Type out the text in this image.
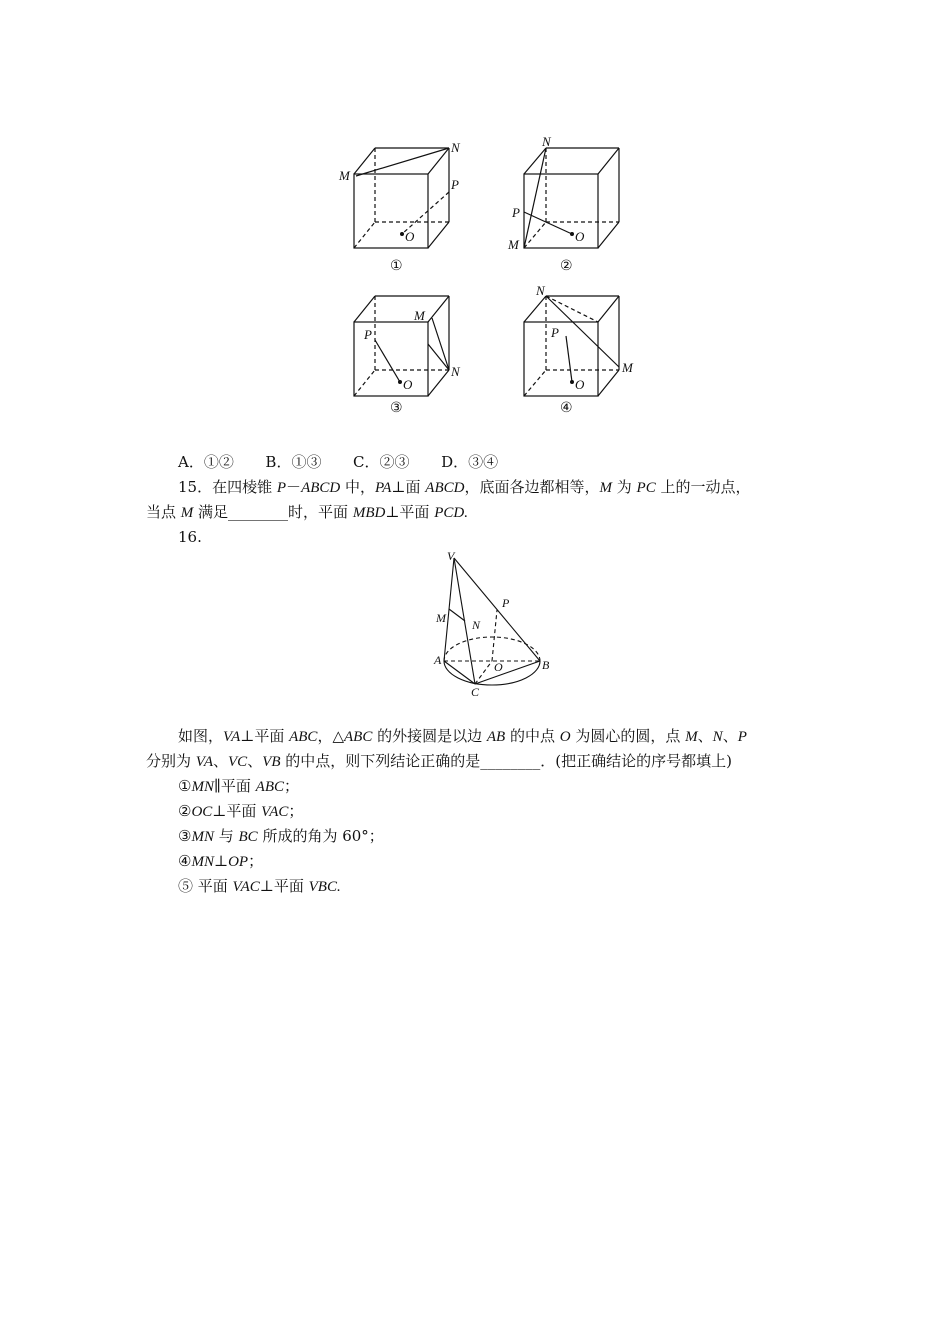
M
N
P
O
①
N
P
M
O
②
M
P
N
O
③
N
P
M
O
④
A．①② B．①③ C．②③ D．③④
15．在四棱锥 P－ABCD 中，PA⊥面 ABCD，底面各边都相等，M 为 PC 上的一动点，
当点 M 满足________时，平面 MBD⊥平面 PCD.
16.
V
M N
P
A	O	B
C
如图，VA⊥平面 ABC，△ABC 的外接圆是以边 AB 的中点 O 为圆心的圆，点 M、N、P
分别为 VA、VC、VB 的中点，则下列结论正确的是________．(把正确结论的序号都填上)
①MN∥平面 ABC；
②OC⊥平面 VAC；
③MN 与 BC 所成的角为 60°；
④MN⊥OP；
⑤ 平面 VAC⊥平面 VBC.
